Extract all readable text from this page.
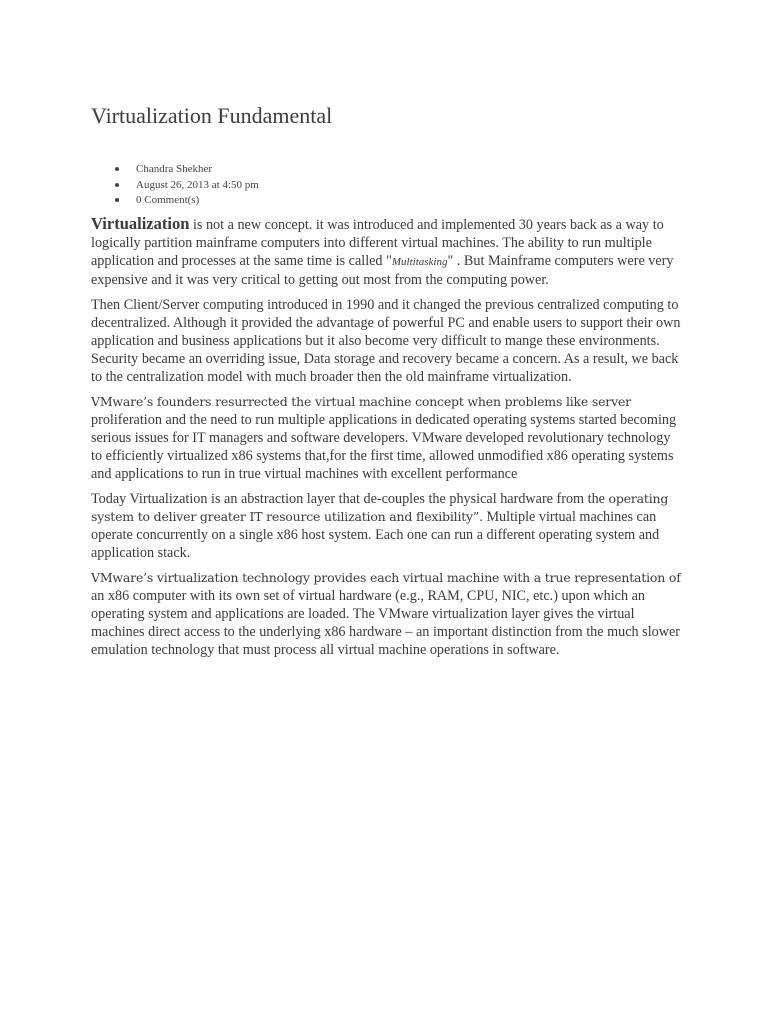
Virtualization Fundamental
Chandra Shekher
August 26, 2013 at 4:50 pm
0 Comment(s)

Virtualization is not a new concept. it was introduced and implemented 30 years back as a way to logically partition mainframe computers into different virtual machines. The ability to run multiple application and processes at the same time is called "Multitasking" . But Mainframe computers were very expensive and it was very critical to getting out most from the computing power.

Then Client/Server computing introduced in 1990 and it changed the previous centralized computing to decentralized. Although it provided the advantage of powerful PC and enable users to support their own application and business applications but it also become very difficult to mange these environments. Security became an overriding issue, Data storage and recovery became a concern. As a result, we back to the centralization model with much broader then the old mainframe virtualization.

VMware’s founders resurrected the virtual machine concept when problems like server proliferation and the need to run multiple applications in dedicated operating systems started becoming serious issues for IT managers and software developers. VMware developed revolutionary technology to efficiently virtualized x86 systems that,for the first time, allowed unmodified x86 operating systems and applications to run in true virtual machines with excellent performance

Today Virtualization is an abstraction layer that de-couples the physical hardware from the operating system to deliver greater IT resource utilization and flexibility”. Multiple virtual machines can operate concurrently on a single x86 host system. Each one can run a different operating system and application stack.

VMware’s virtualization technology provides each virtual machine with a true representation of an x86 computer with its own set of virtual hardware (e.g., RAM, CPU, NIC, etc.) upon which an operating system and applications are loaded. The VMware virtualization layer gives the virtual machines direct access to the underlying x86 hardware – an important distinction from the much slower emulation technology that must process all virtual machine operations in software.
